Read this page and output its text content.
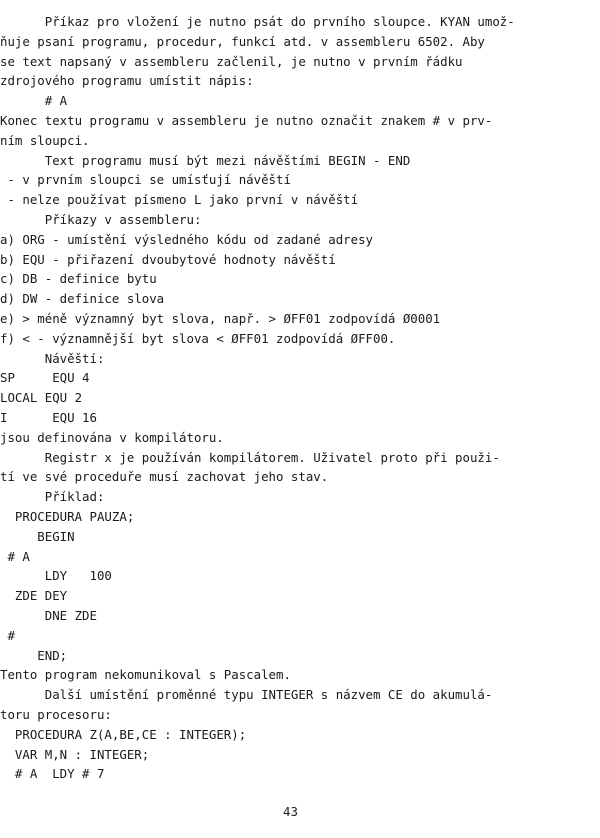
Příkaz pro vložení je nutno psát do prvního sloupce. KYAN umož-
ňuje psaní programu, procedur, funkcí atd. v assembleru 6502. Aby
se text napsaný v assembleru začlenil, je nutno v prvním řádku
zdrojového programu umístit nápis:
# A
Konec textu programu v assembleru je nutno označit znakem # v prv-
ním sloupci.
Text programu musí být mezi návěštími BEGIN - END
- v prvním sloupci se umísťují návěští
- nelze používat písmeno L jako první v návěští
Příkazy v assembleru:
a) ORG - umístění výsledného kódu od zadané adresy
b) EQU - přiřazení dvoubytové hodnoty návěští
c) DB - definice bytu
d) DW - definice slova
e) > méně významný byt slova, např. > ØFF01 zodpovídá Ø0001
f) < - významnější byt slova < ØFF01 zodpovídá ØFF00.
Návěští:
SP     EQU 4
LOCAL EQU 2
I      EQU 16
jsou definována v kompilátoru.
Registr x je používán kompilátorem. Uživatel proto při použi-
tí ve své proceduře musí zachovat jeho stav.
Příklad:
PROCEDURA PAUZA;
BEGIN
# A
LDY   100
ZDE DEY
DNE ZDE
#
END;
Tento program nekomunikoval s Pascalem.
Další umístění proměnné typu INTEGER s názvem CE do akumulá-
toru procesoru:
PROCEDURA Z(A,BE,CE : INTEGER);
VAR M,N : INTEGER;
# A  LDY # 7
43
